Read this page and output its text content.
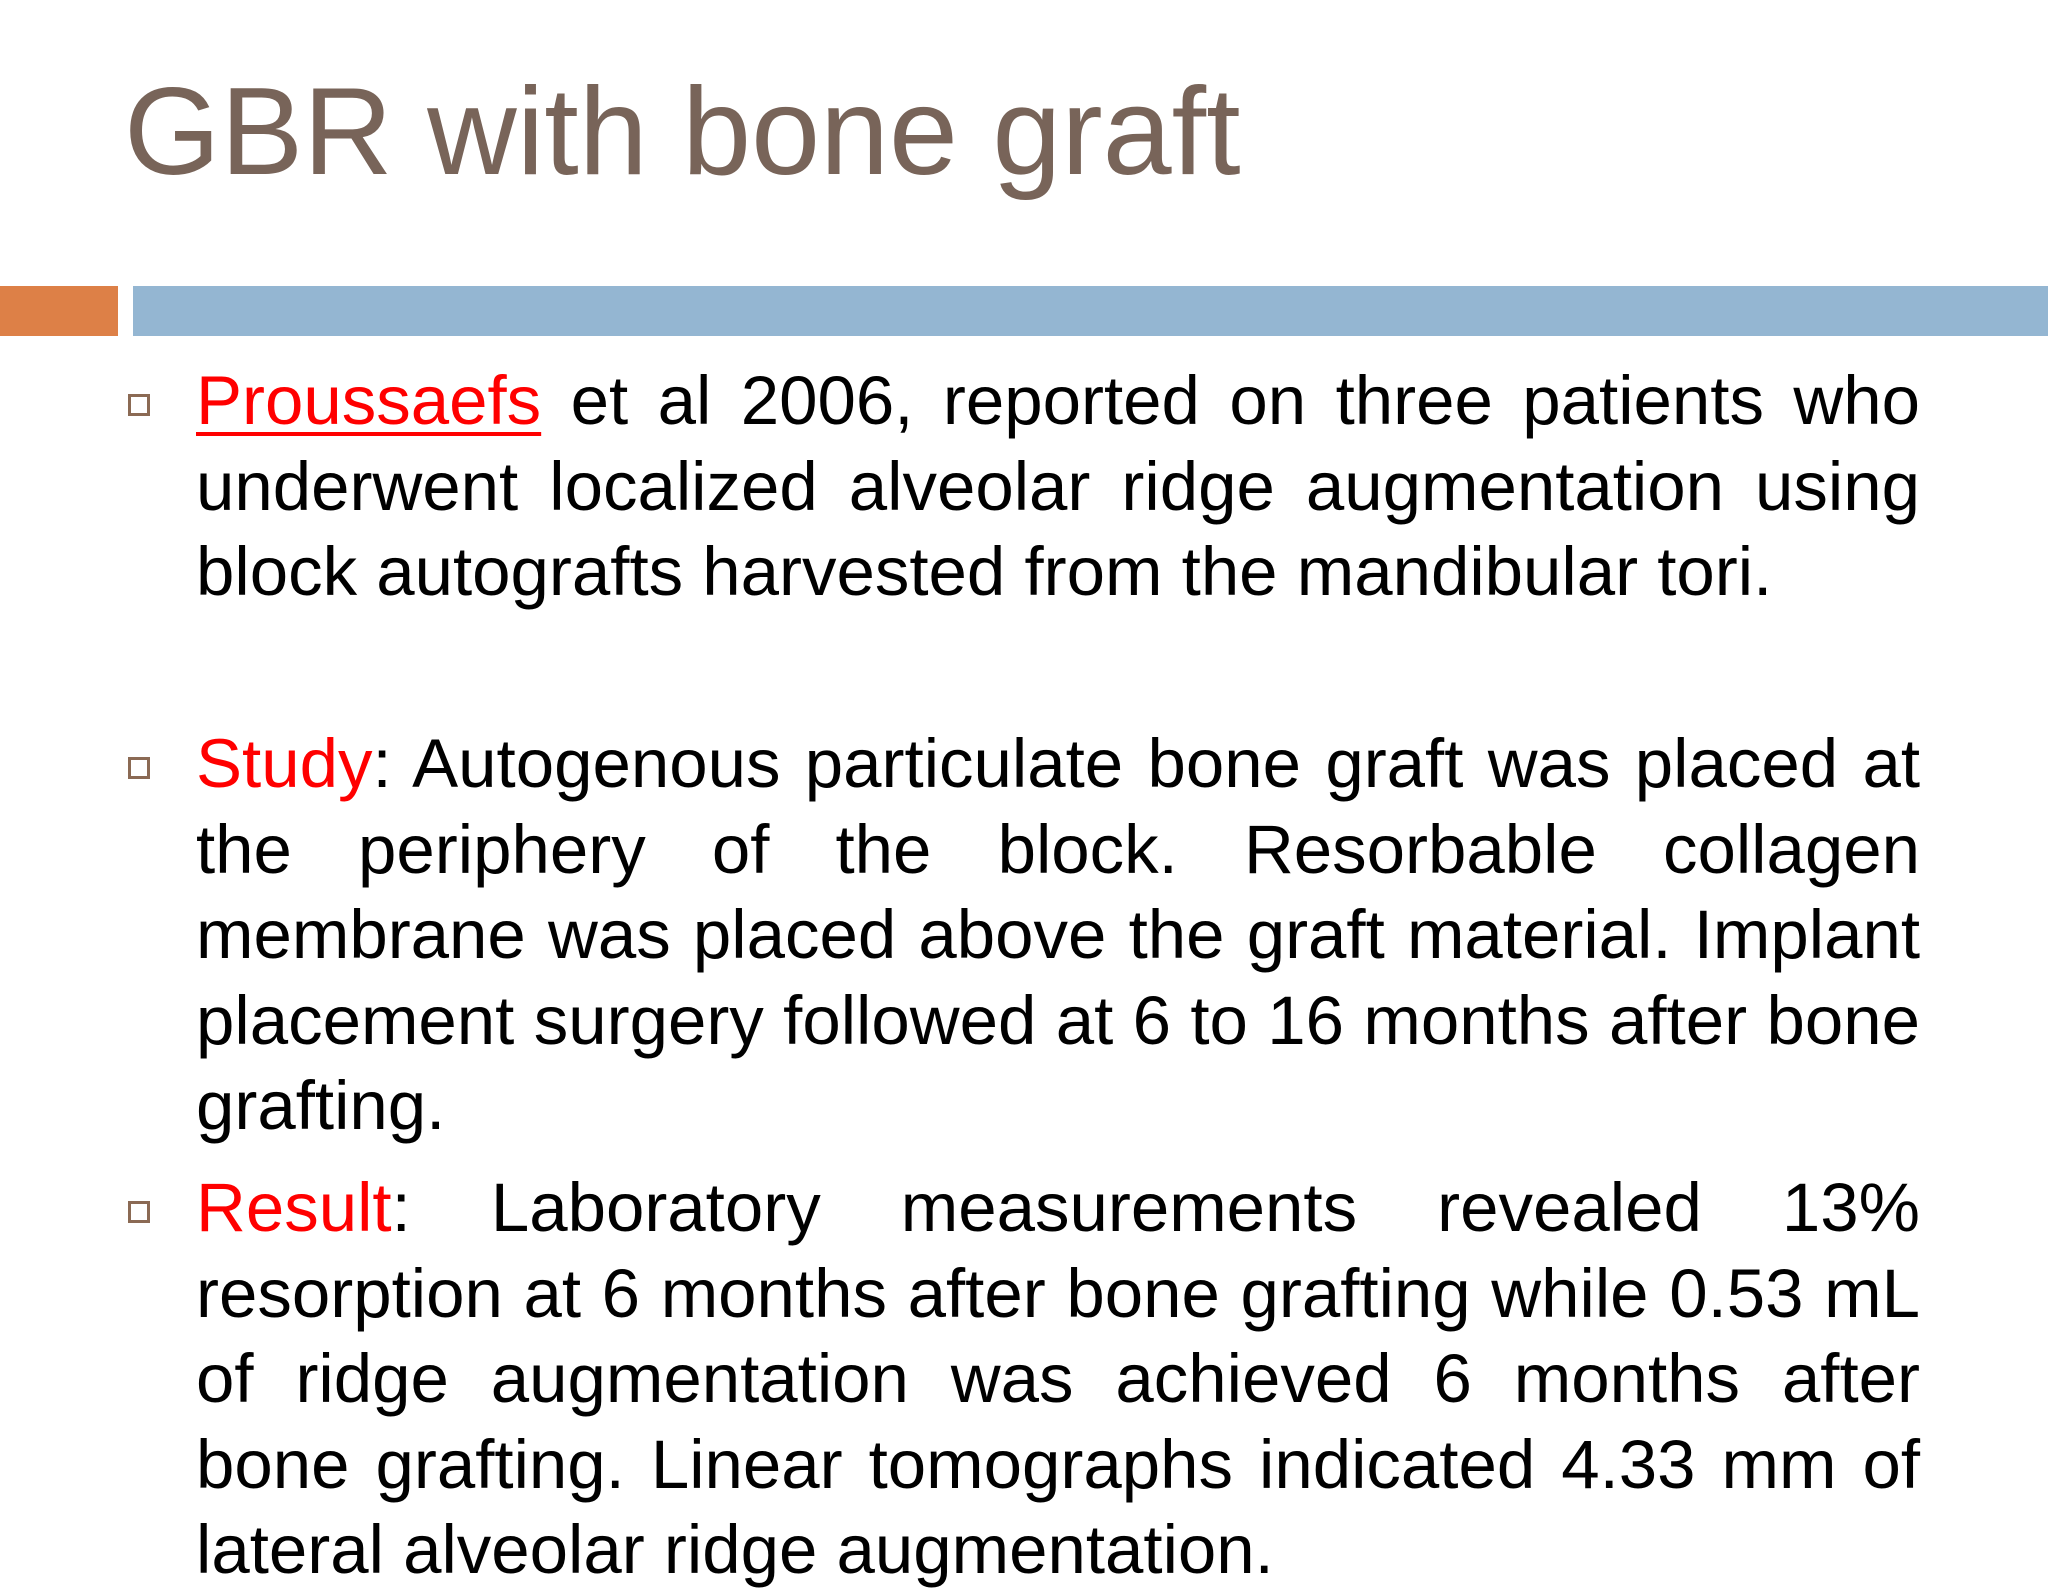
GBR with bone graft
Proussaefs et al 2006, reported on three patients who underwent localized alveolar ridge augmentation using block autografts harvested from the mandibular tori.
Study: Autogenous particulate bone graft was placed at the periphery of the block. Resorbable collagen membrane was placed above the graft material. Implant placement surgery followed at 6 to 16 months after bone grafting.
Result: Laboratory measurements revealed 13% resorption at 6 months after bone grafting while 0.53 mL of ridge augmentation was achieved 6 months after bone grafting. Linear tomographs indicated 4.33 mm of lateral alveolar ridge augmentation.
